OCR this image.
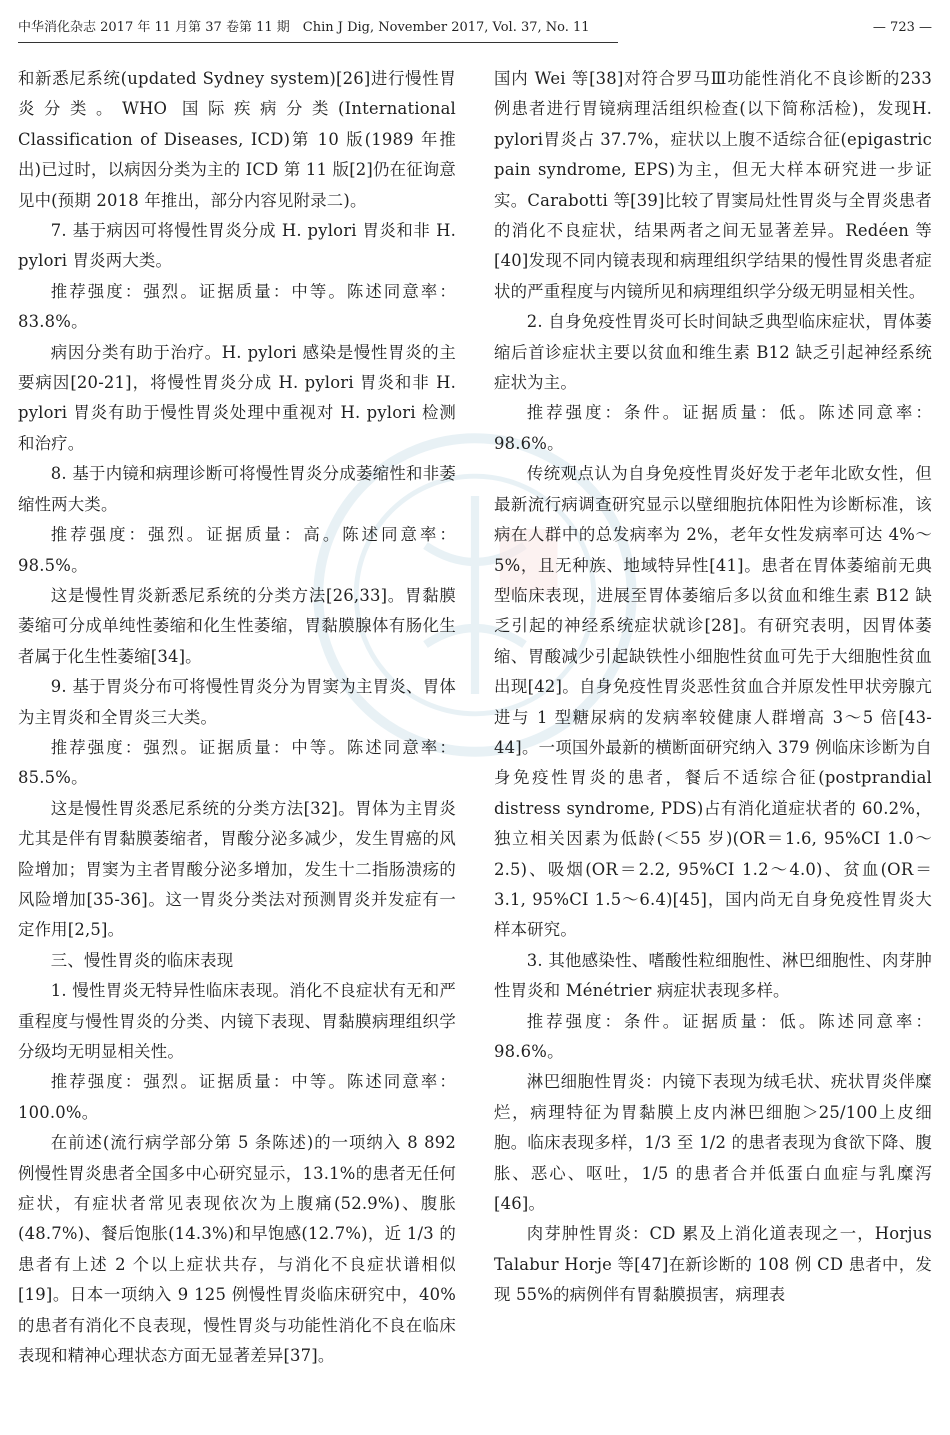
中华消化杂志 2017 年 11 月第 37 卷第 11 期　Chin J Dig, November 2017, Vol. 37, No. 11	— 723 —

和新悉尼系统(updated Sydney system)[26]进行慢性胃炎分类。WHO 国际疾病分类(International Classification of Diseases, ICD)第 10 版(1989 年推出)已过时，以病因分类为主的 ICD 第 11 版[2]仍在征询意见中(预期 2018 年推出，部分内容见附录二)。

7. 基于病因可将慢性胃炎分成 H. pylori 胃炎和非 H. pylori 胃炎两大类。

推荐强度：强烈。证据质量：中等。陈述同意率：83.8%。

病因分类有助于治疗。H. pylori 感染是慢性胃炎的主要病因[20-21]，将慢性胃炎分成 H. pylori 胃炎和非 H. pylori 胃炎有助于慢性胃炎处理中重视对 H. pylori 检测和治疗。

8. 基于内镜和病理诊断可将慢性胃炎分成萎缩性和非萎缩性两大类。

推荐强度：强烈。证据质量：高。陈述同意率：98.5%。

这是慢性胃炎新悉尼系统的分类方法[26,33]。胃黏膜萎缩可分成单纯性萎缩和化生性萎缩，胃黏膜腺体有肠化生者属于化生性萎缩[34]。

9. 基于胃炎分布可将慢性胃炎分为胃窦为主胃炎、胃体为主胃炎和全胃炎三大类。

推荐强度：强烈。证据质量：中等。陈述同意率：85.5%。

这是慢性胃炎悉尼系统的分类方法[32]。胃体为主胃炎尤其是伴有胃黏膜萎缩者，胃酸分泌多减少，发生胃癌的风险增加；胃窦为主者胃酸分泌多增加，发生十二指肠溃疡的风险增加[35-36]。这一胃炎分类法对预测胃炎并发症有一定作用[2,5]。

三、慢性胃炎的临床表现

1. 慢性胃炎无特异性临床表现。消化不良症状有无和严重程度与慢性胃炎的分类、内镜下表现、胃黏膜病理组织学分级均无明显相关性。

推荐强度：强烈。证据质量：中等。陈述同意率：100.0%。

在前述(流行病学部分第 5 条陈述)的一项纳入 8 892 例慢性胃炎患者全国多中心研究显示，13.1%的患者无任何症状，有症状者常见表现依次为上腹痛(52.9%)、腹胀(48.7%)、餐后饱胀(14.3%)和早饱感(12.7%)，近 1/3 的患者有上述 2 个以上症状共存，与消化不良症状谱相似[19]。日本一项纳入 9 125 例慢性胃炎临床研究中，40%的患者有消化不良表现，慢性胃炎与功能性消化不良在临床表现和精神心理状态方面无显著差异[37]。

国内 Wei 等[38]对符合罗马Ⅲ功能性消化不良诊断的233 例患者进行胃镜病理活组织检查(以下简称活检)，发现H. pylori胃炎占 37.7%，症状以上腹不适综合征(epigastric pain syndrome, EPS)为主，但无大样本研究进一步证实。Carabotti 等[39]比较了胃窦局灶性胃炎与全胃炎患者的消化不良症状，结果两者之间无显著差异。Redéen 等[40]发现不同内镜表现和病理组织学结果的慢性胃炎患者症状的严重程度与内镜所见和病理组织学分级无明显相关性。

2. 自身免疫性胃炎可长时间缺乏典型临床症状，胃体萎缩后首诊症状主要以贫血和维生素 B12 缺乏引起神经系统症状为主。

推荐强度：条件。证据质量：低。陈述同意率：98.6%。

传统观点认为自身免疫性胃炎好发于老年北欧女性，但最新流行病调查研究显示以壁细胞抗体阳性为诊断标准，该病在人群中的总发病率为 2%，老年女性发病率可达 4%～5%，且无种族、地域特异性[41]。患者在胃体萎缩前无典型临床表现，进展至胃体萎缩后多以贫血和维生素 B12 缺乏引起的神经系统症状就诊[28]。有研究表明，因胃体萎缩、胃酸减少引起缺铁性小细胞性贫血可先于大细胞性贫血出现[42]。自身免疫性胃炎恶性贫血合并原发性甲状旁腺亢进与 1 型糖尿病的发病率较健康人群增高 3～5 倍[43-44]。一项国外最新的横断面研究纳入 379 例临床诊断为自身免疫性胃炎的患者，餐后不适综合征(postprandial distress syndrome, PDS)占有消化道症状者的 60.2%，独立相关因素为低龄(＜55 岁)(OR＝1.6, 95%CI 1.0～2.5)、吸烟(OR＝2.2, 95%CI 1.2～4.0)、贫血(OR＝3.1, 95%CI 1.5～6.4)[45]，国内尚无自身免疫性胃炎大样本研究。

3. 其他感染性、嗜酸性粒细胞性、淋巴细胞性、肉芽肿性胃炎和 Ménétrier 病症状表现多样。

推荐强度：条件。证据质量：低。陈述同意率：98.6%。

淋巴细胞性胃炎：内镜下表现为绒毛状、疣状胃炎伴糜烂，病理特征为胃黏膜上皮内淋巴细胞＞25/100上皮细胞。临床表现多样，1/3 至 1/2 的患者表现为食欲下降、腹胀、恶心、呕吐，1/5 的患者合并低蛋白血症与乳糜泻[46]。

肉芽肿性胃炎：CD 累及上消化道表现之一，Horjus Talabur Horje 等[47]在新诊断的 108 例 CD 患者中，发现 55%的病例伴有胃黏膜损害，病理表
